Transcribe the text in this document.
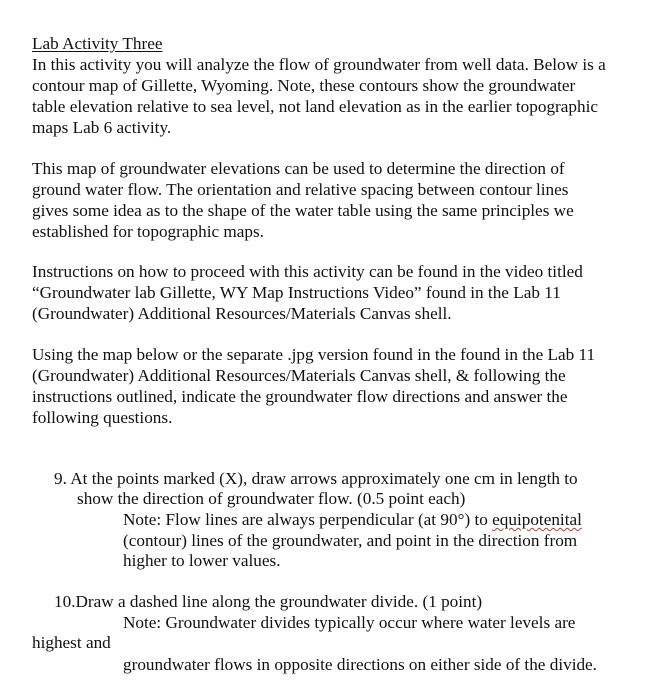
Lab Activity Three
In this activity you will analyze the flow of groundwater from well data. Below is a
contour map of Gillette, Wyoming. Note, these contours show the groundwater
table elevation relative to sea level, not land elevation as in the earlier topographic
maps Lab 6 activity.
This map of groundwater elevations can be used to determine the direction of
ground water flow. The orientation and relative spacing between contour lines
gives some idea as to the shape of the water table using the same principles we
established for topographic maps.
Instructions on how to proceed with this activity can be found in the video titled
“Groundwater lab Gillette, WY Map Instructions Video” found in the Lab 11
(Groundwater) Additional Resources/Materials Canvas shell.
Using the map below or the separate .jpg version found in the found in the Lab 11
(Groundwater) Additional Resources/Materials Canvas shell, & following the
instructions outlined, indicate the groundwater flow directions and answer the
following questions.
9. At the points marked (X), draw arrows approximately one cm in length to
show the direction of groundwater flow. (0.5 point each)
Note: Flow lines are always perpendicular (at 90°) to equipotenital
(contour) lines of the groundwater, and point in the direction from
higher to lower values.
10.Draw a dashed line along the groundwater divide. (1 point)
Note: Groundwater divides typically occur where water levels are
highest and
groundwater flows in opposite directions on either side of the divide.
